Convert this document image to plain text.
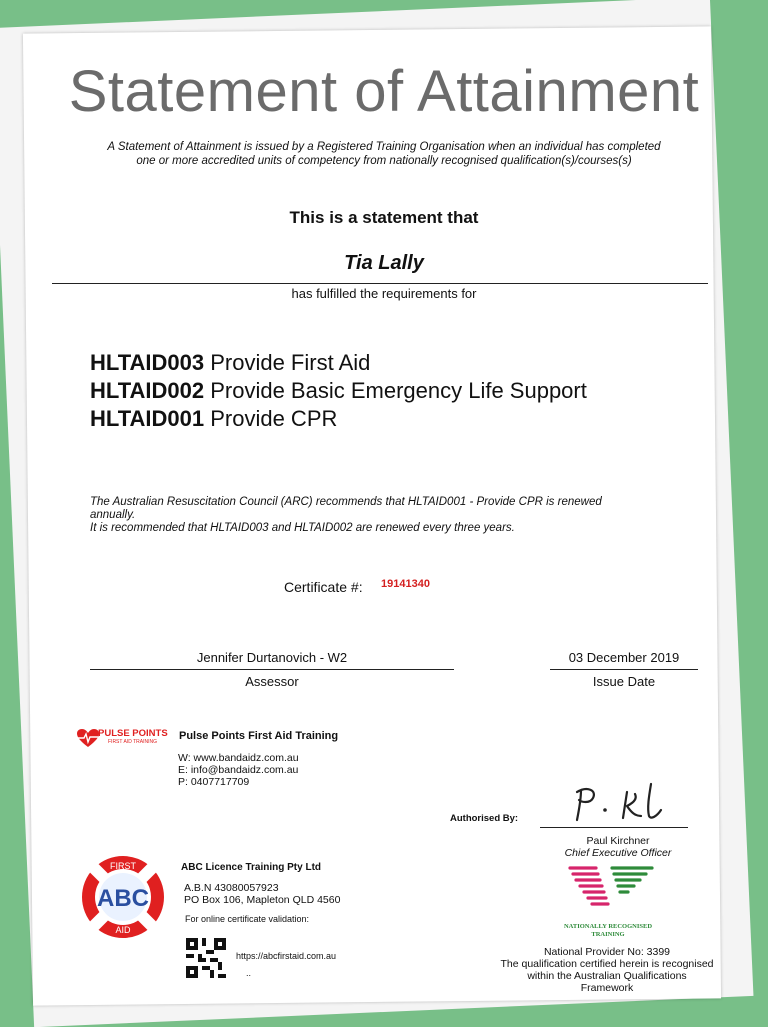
Statement of Attainment
A Statement of Attainment is issued by a Registered Training Organisation when an individual has completed
one or more accredited units of competency from nationally recognised qualification(s)/courses(s)
This is a statement that
Tia Lally
has fulfilled the requirements for
HLTAID003 Provide First Aid
HLTAID002 Provide Basic Emergency Life Support
HLTAID001 Provide CPR
The Australian Resuscitation Council (ARC) recommends that HLTAID001 - Provide CPR is renewed
annually.
It is recommended that HLTAID003 and HLTAID002 are renewed every three years.
Certificate #: 19141340
Jennifer Durtanovich - W2
Assessor
03 December 2019
Issue Date
PULSE POINTS
FIRST AID TRAINING Pulse Points First Aid Training
W: www.bandaidz.com.au
E: info@bandaidz.com.au
P: 0407717709
Authorised By:
Paul Kirchner
Chief Executive Officer
FIRST
ABC
AID
ABC Licence Training Pty Ltd
A.B.N 43080057923
PO Box 106, Mapleton QLD 4560
For online certificate validation:
https://abcfirstaid.com.au
..
NATIONALLY RECOGNISED
TRAINING
National Provider No: 3399
The qualification certified herein is recognised
within the Australian Qualifications Framework
